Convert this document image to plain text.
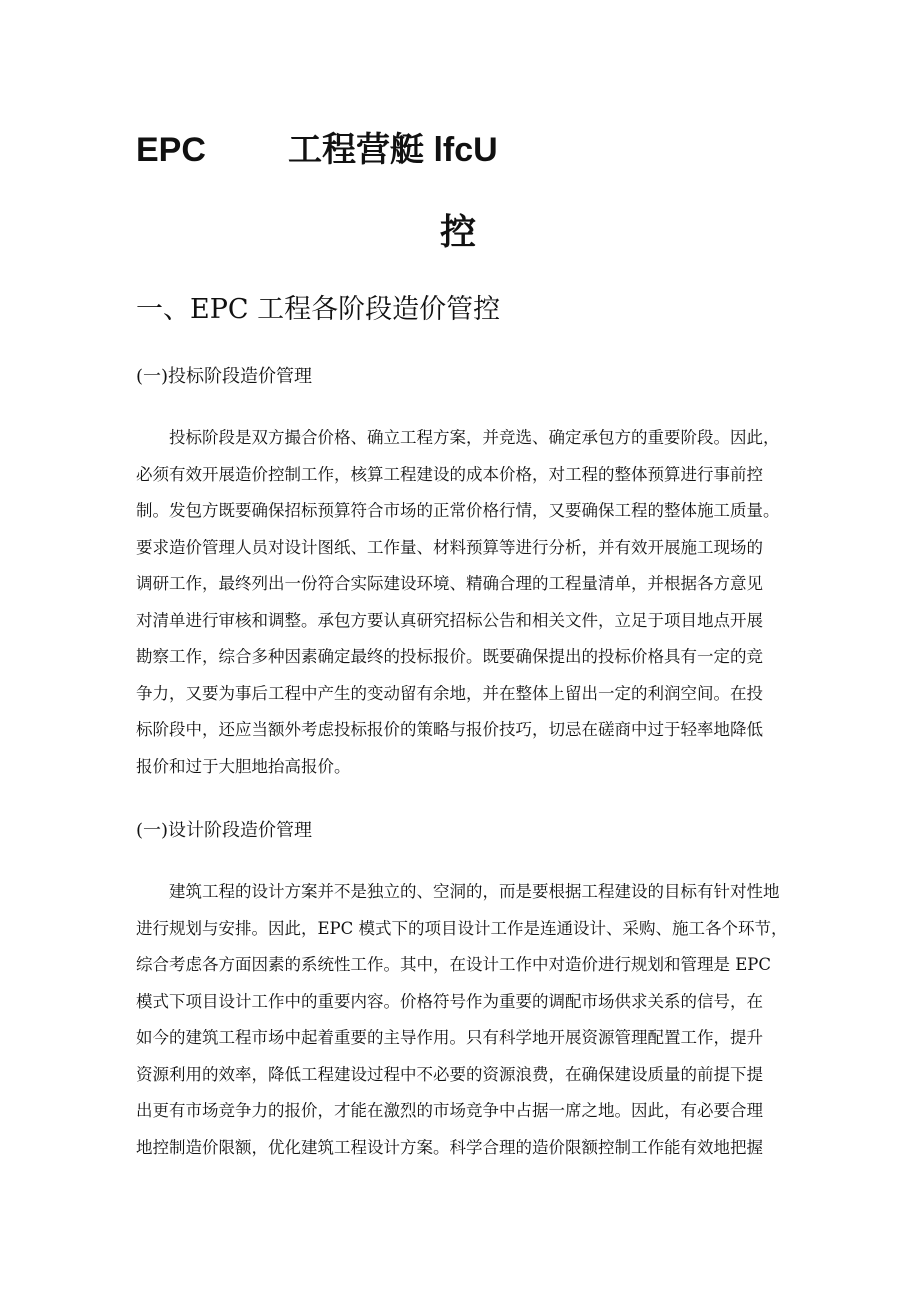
EPC 工程营艇 lfcU
控
一、EPC 工程各阶段造价管控
(一)投标阶段造价管理
投标阶段是双方撮合价格、确立工程方案，并竞选、确定承包方的重要阶段。因此，
必须有效开展造价控制工作，核算工程建设的成本价格，对工程的整体预算进行事前控
制。发包方既要确保招标预算符合市场的正常价格行情，又要确保工程的整体施工质量。
要求造价管理人员对设计图纸、工作量、材料预算等进行分析，并有效开展施工现场的
调研工作，最终列出一份符合实际建设环境、精确合理的工程量清单，并根据各方意见
对清单进行审核和调整。承包方要认真研究招标公告和相关文件，立足于项目地点开展
勘察工作，综合多种因素确定最终的投标报价。既要确保提出的投标价格具有一定的竞
争力，又要为事后工程中产生的变动留有余地，并在整体上留出一定的利润空间。在投
标阶段中，还应当额外考虑投标报价的策略与报价技巧，切忌在磋商中过于轻率地降低
报价和过于大胆地抬高报价。
(一)设计阶段造价管理
建筑工程的设计方案并不是独立的、空洞的，而是要根据工程建设的目标有针对性地
进行规划与安排。因此，EPC 模式下的项目设计工作是连通设计、采购、施工各个环节，
综合考虑各方面因素的系统性工作。其中，在设计工作中对造价进行规划和管理是 EPC
模式下项目设计工作中的重要内容。价格符号作为重要的调配市场供求关系的信号，在
如今的建筑工程市场中起着重要的主导作用。只有科学地开展资源管理配置工作，提升
资源利用的效率，降低工程建设过程中不必要的资源浪费，在确保建设质量的前提下提
出更有市场竞争力的报价，才能在激烈的市场竞争中占据一席之地。因此，有必要合理
地控制造价限额，优化建筑工程设计方案。科学合理的造价限额控制工作能有效地把握
